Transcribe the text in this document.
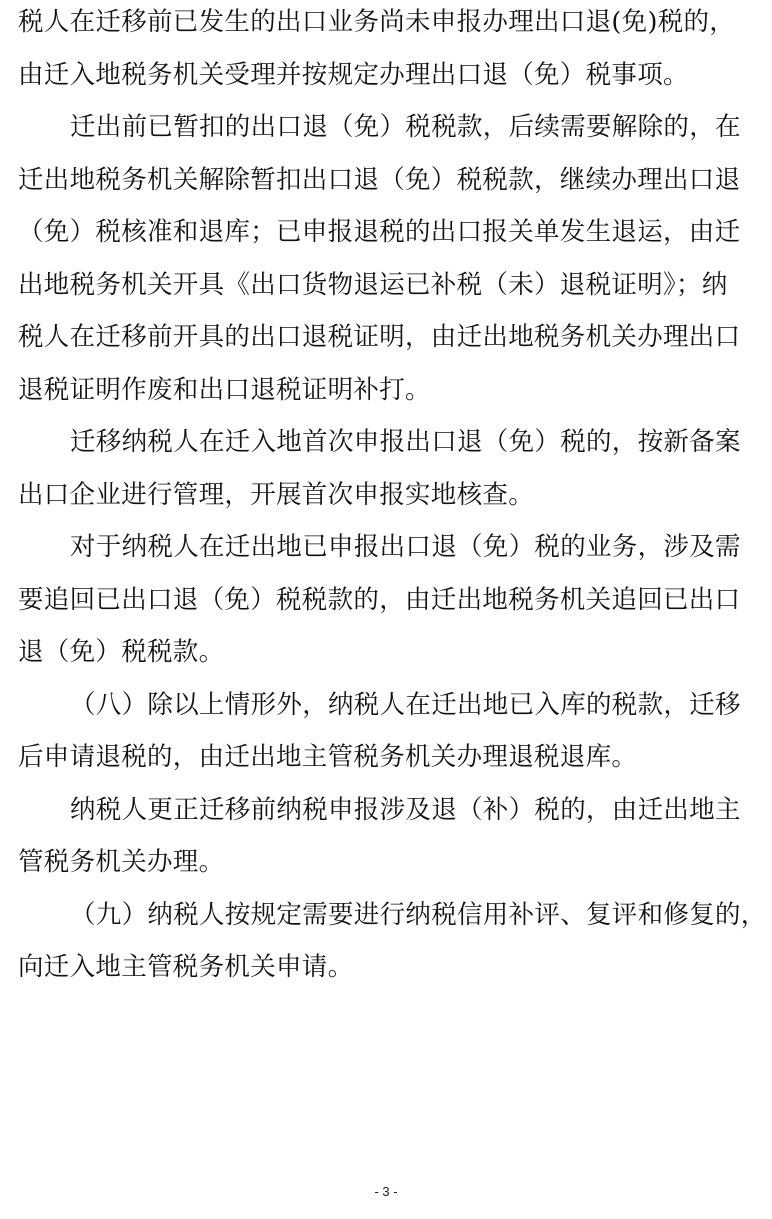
税人在迁移前已发生的出口业务尚未申报办理出口退(免)税的，
由迁入地税务机关受理并按规定办理出口退（免）税事项。
迁出前已暂扣的出口退（免）税税款，后续需要解除的，在
迁出地税务机关解除暂扣出口退（免）税税款，继续办理出口退
（免）税核准和退库；已申报退税的出口报关单发生退运，由迁
出地税务机关开具《出口货物退运已补税（未）退税证明》；纳
税人在迁移前开具的出口退税证明，由迁出地税务机关办理出口
退税证明作废和出口退税证明补打。
迁移纳税人在迁入地首次申报出口退（免）税的，按新备案
出口企业进行管理，开展首次申报实地核查。
对于纳税人在迁出地已申报出口退（免）税的业务，涉及需
要追回已出口退（免）税税款的，由迁出地税务机关追回已出口
退（免）税税款。
（八）除以上情形外，纳税人在迁出地已入库的税款，迁移
后申请退税的，由迁出地主管税务机关办理退税退库。
纳税人更正迁移前纳税申报涉及退（补）税的，由迁出地主
管税务机关办理。
（九）纳税人按规定需要进行纳税信用补评、复评和修复的，
向迁入地主管税务机关申请。
- 3 -
